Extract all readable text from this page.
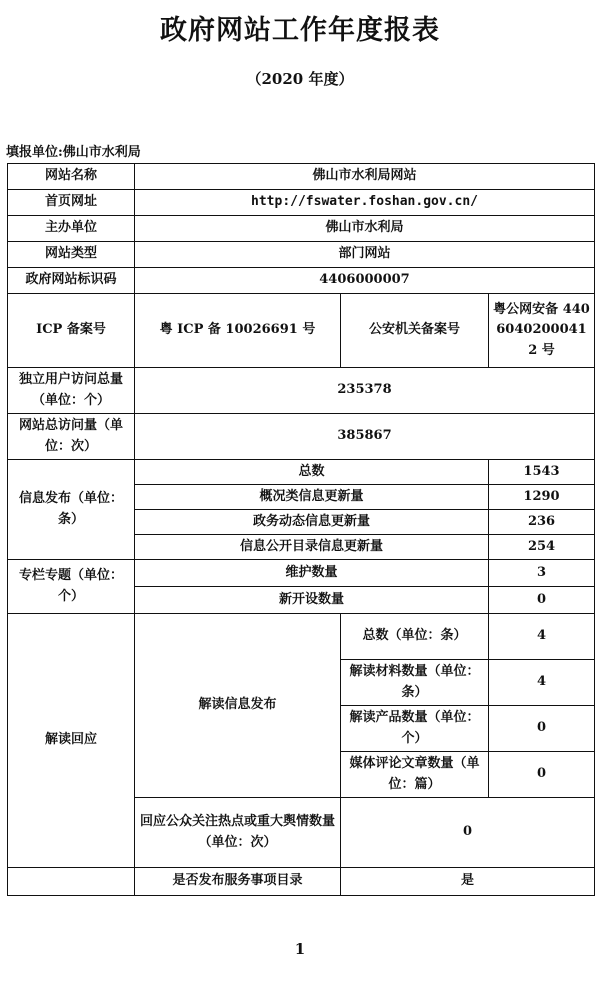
政府网站工作年度报表
（2020 年度）
填报单位:佛山市水利局
网站名称	佛山市水利局网站		
首页网址	http://fswater.foshan.gov.cn/		
主办单位	佛山市水利局		
网站类型	部门网站		
政府网站标识码	4406000007		
ICP 备案号	粤 ICP 备 10026691 号	公安机关备案号	粤公网安备 44060402000412 号
独立用户访问总量（单位：个）	235378		
网站总访问量（单位：次）	385867		
信息发布（单位：条）	总数		1543
	概况类信息更新量		1290
	政务动态信息更新量		236
	信息公开目录信息更新量		254
专栏专题（单位：个）	维护数量		3
	新开设数量		0
解读回应	解读信息发布	总数（单位：条）	4
		解读材料数量（单位：条）	4
		解读产品数量（单位：个）	0
		媒体评论文章数量（单位：篇）	0
	回应公众关注热点或重大舆情数量（单位：次）	0	
	是否发布服务事项目录	是	
1
